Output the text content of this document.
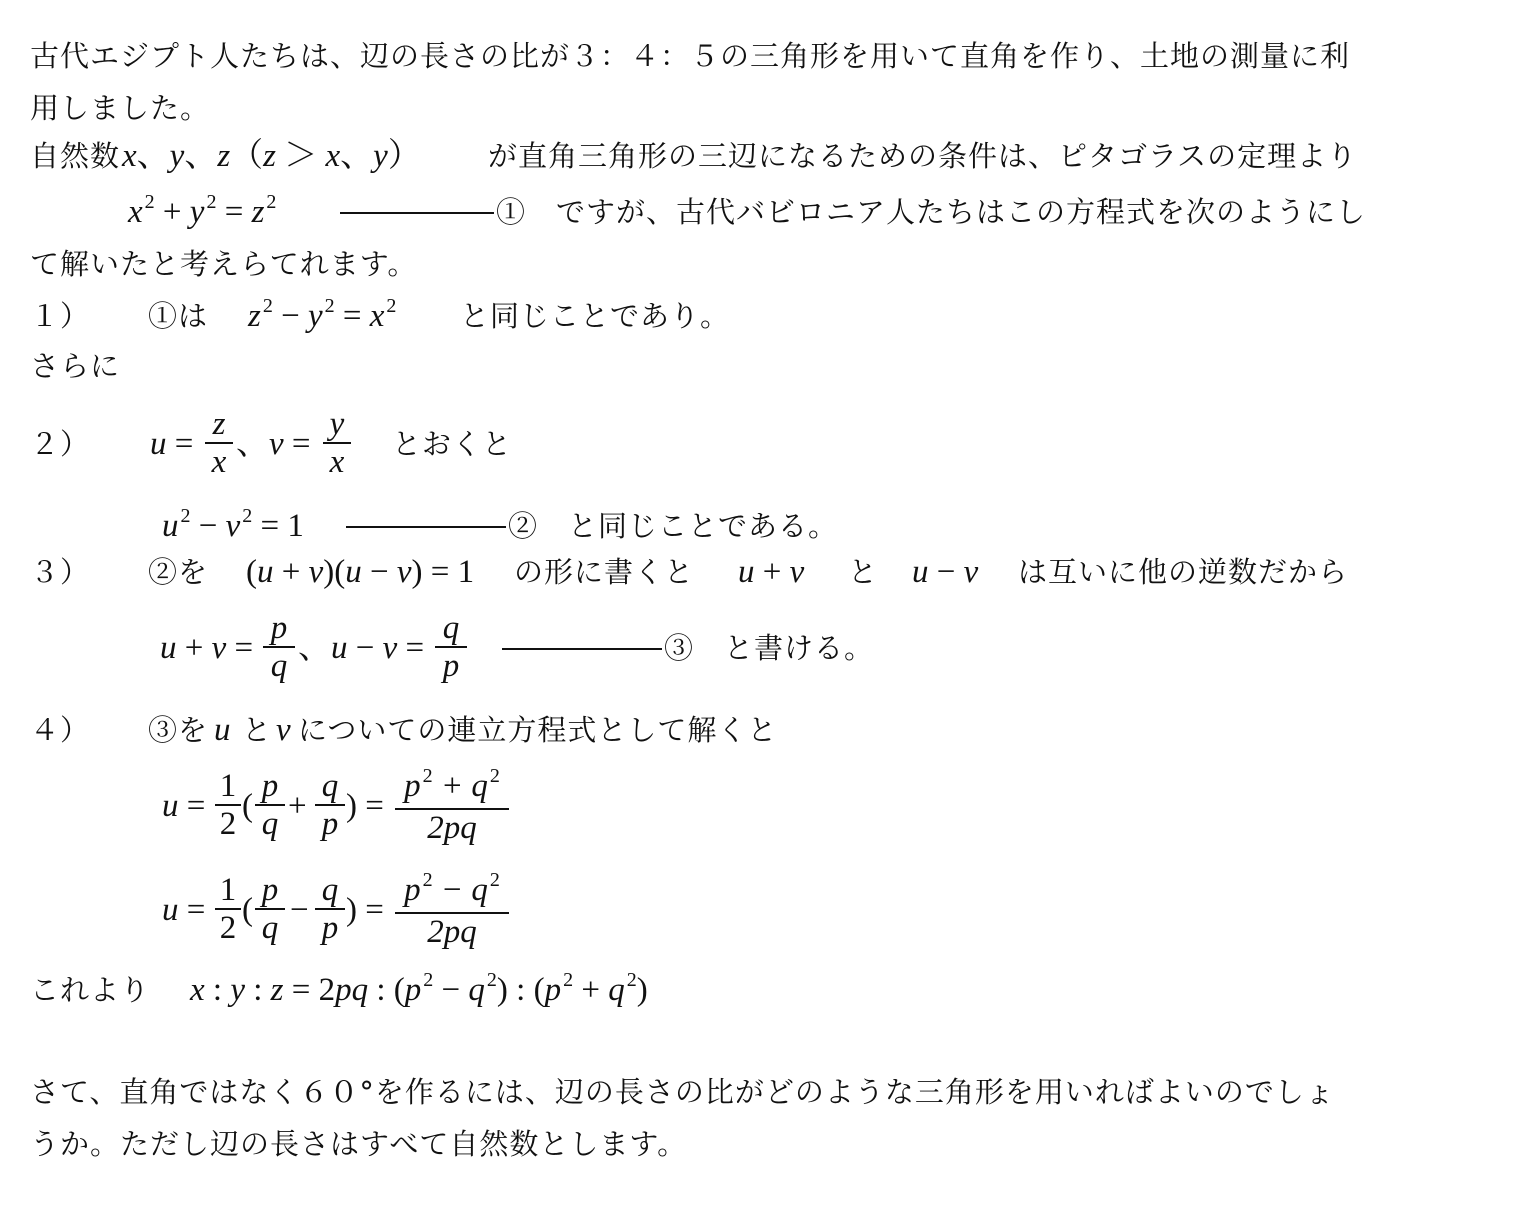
古代エジプト人たちは、辺の長さの比が３：４：５の三角形を用いて直角を作り、土地の測量に利
用しました。
自然数 x、y、z（z ＞ x、y） が直角三角形の三辺になるための条件は、ピタゴラスの定理より
x $^2$ + y $^2$ = z $^2$	①　ですが、古代バビロニア人たちはこの方程式を次のようにし
て解いたと考えらてれます。
１） ①は z $^2$ − y $^2$ = x $^2$ と同じことであり。
さらに
２） u =
z
x 、v =
y
x とおくと
u $^2$ − v $^2$ = 1	②　と同じことである。
３） ②を (u + v)(u − v) = 1 の形に書くと u + v と u − v は互いに他の逆数だから
u + v =
p
q 、u − v =
q
p	③　と書ける。
４） ③を u と v についての連立方程式として解くと
u =
1
2 (
p
q +
q
p ) =
p $^2$ + q $^2$
2pq
u =
1
2 (
p
q −
q
p ) =
p $^2$ − q $^2$
2pq
これより x : y : z = 2pq : (p $^2$ − q $^2$) : (p $^2$ + q $^2$)
さて、直角ではなく６０°を作るには、辺の長さの比がどのような三角形を用いればよいのでしょ
うか。ただし辺の長さはすべて自然数とします。
